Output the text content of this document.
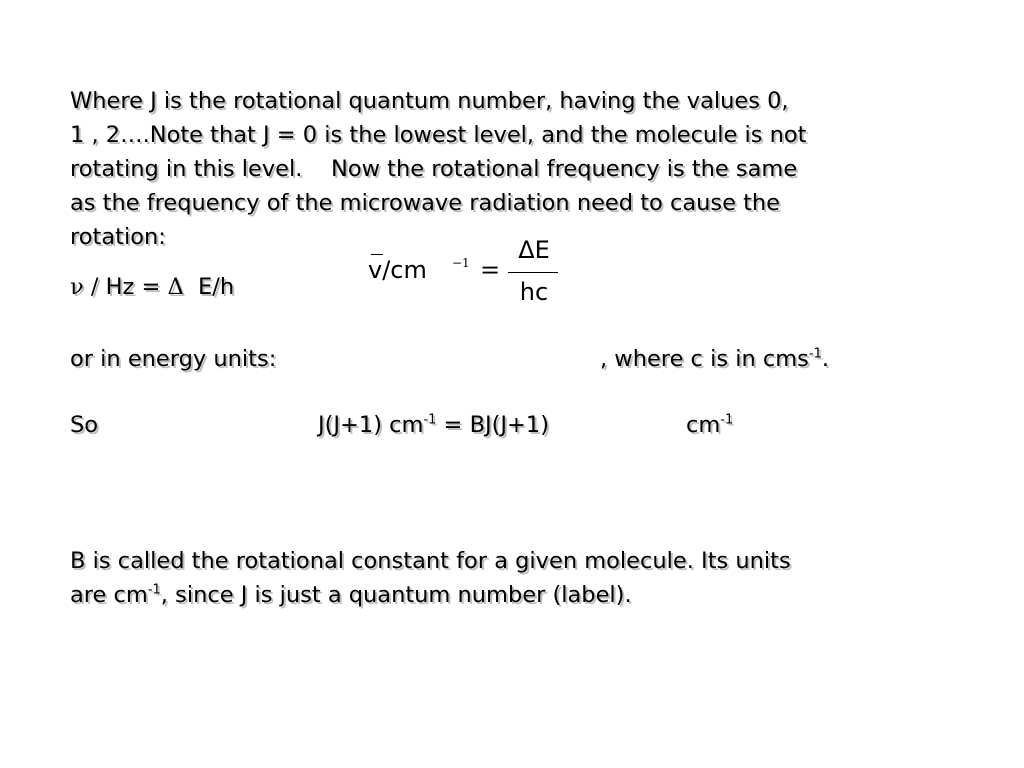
Where J is the rotational quantum number, having the values 0,
1 , 2….Note that J = 0 is the lowest level, and the molecule is not
rotating in this level.    Now the rotational frequency is the same
as the frequency of the microwave radiation need to cause the
rotation:
ν / Hz = Δ  E/h
v/cm −1 =
ΔE
hc
or in energy units:	, where c is in cms$^{-1}$.
So	J(J+1) $cm^{-1} = BJ(J+1)$	$cm^{-1}$
B is called the rotational constant for a given molecule. Its units
are $cm^{-1}$, since J is just a quantum number (label).
